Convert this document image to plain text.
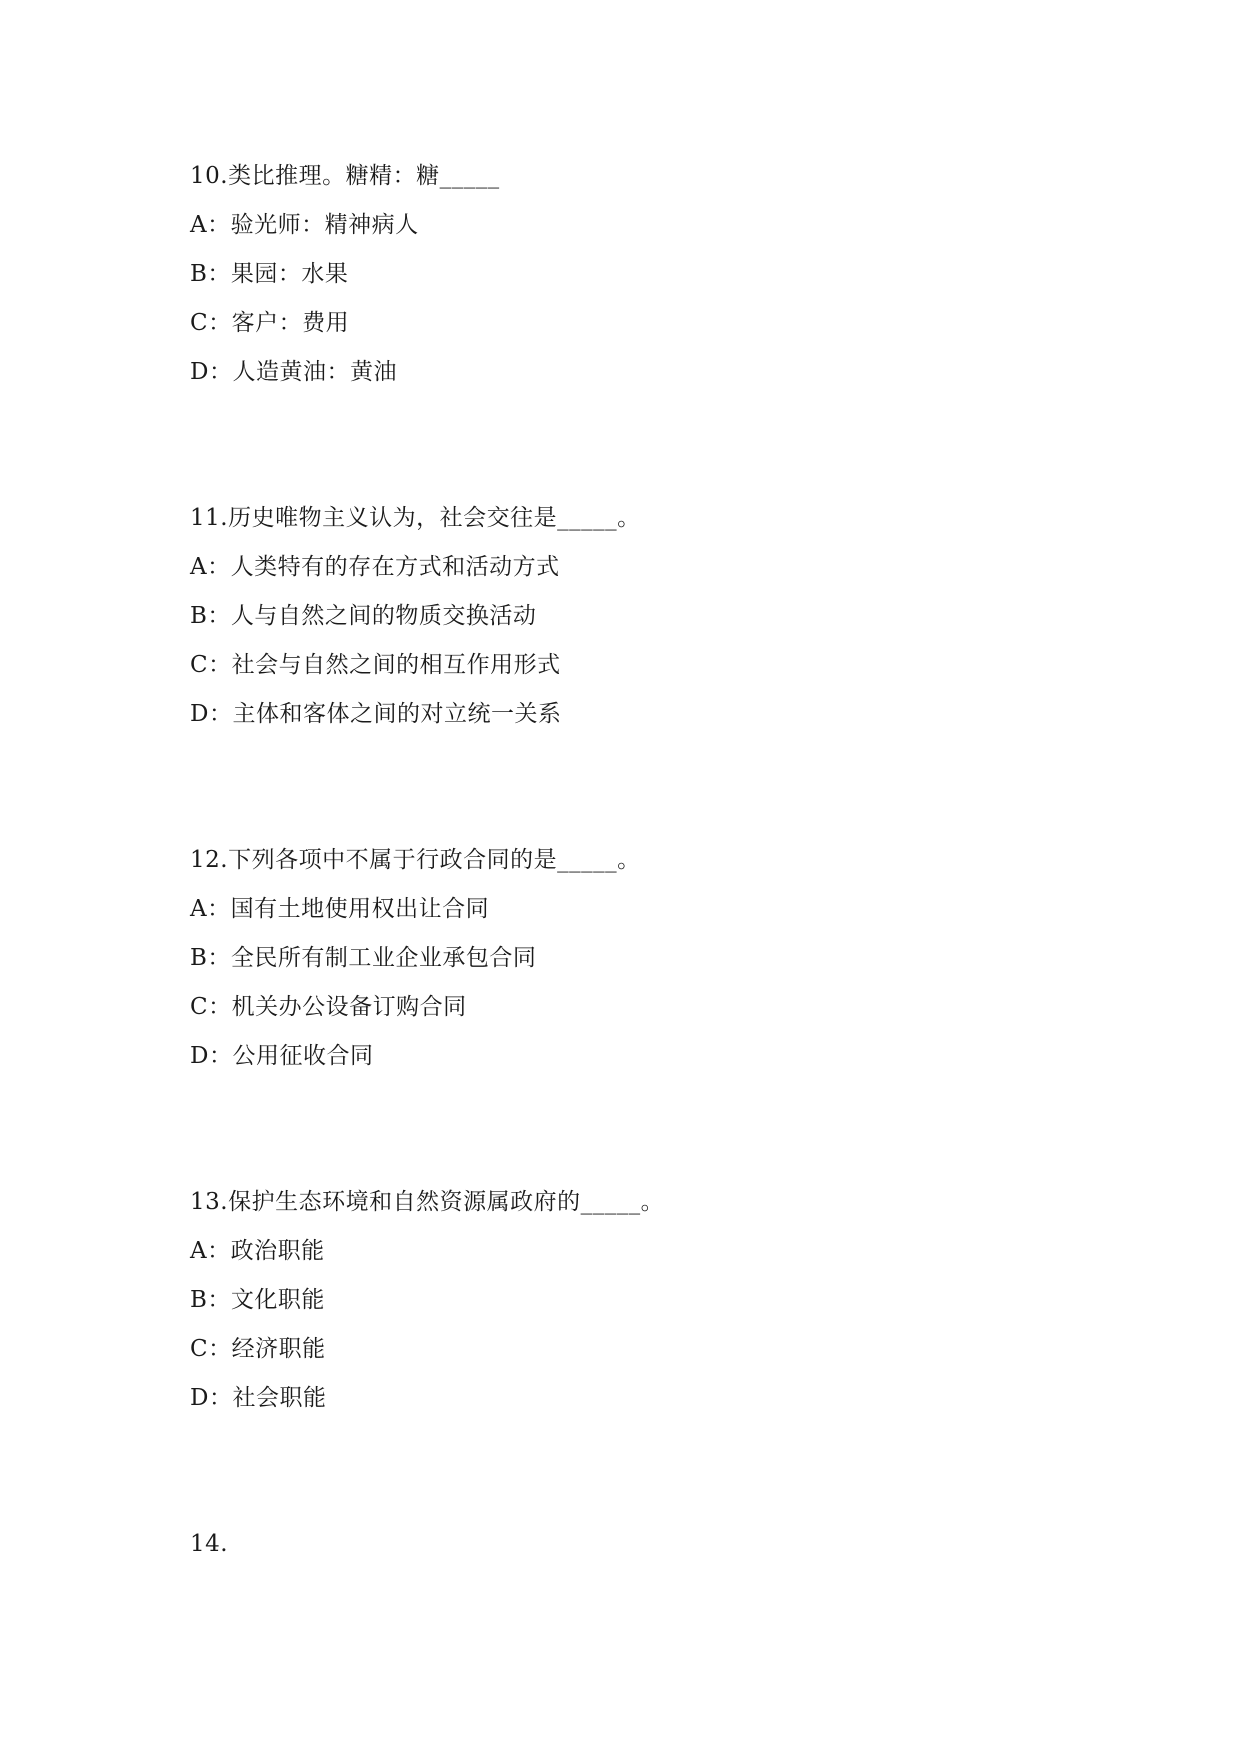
10.类比推理。糖精：糖_____
A：验光师：精神病人
B：果园：水果
C：客户：费用
D：人造黄油：黄油
11.历史唯物主义认为，社会交往是_____。
A：人类特有的存在方式和活动方式
B：人与自然之间的物质交换活动
C：社会与自然之间的相互作用形式
D：主体和客体之间的对立统一关系
12.下列各项中不属于行政合同的是_____。
A：国有土地使用权出让合同
B：全民所有制工业企业承包合同
C：机关办公设备订购合同
D：公用征收合同
13.保护生态环境和自然资源属政府的_____。
A：政治职能
B：文化职能
C：经济职能
D：社会职能
14.
